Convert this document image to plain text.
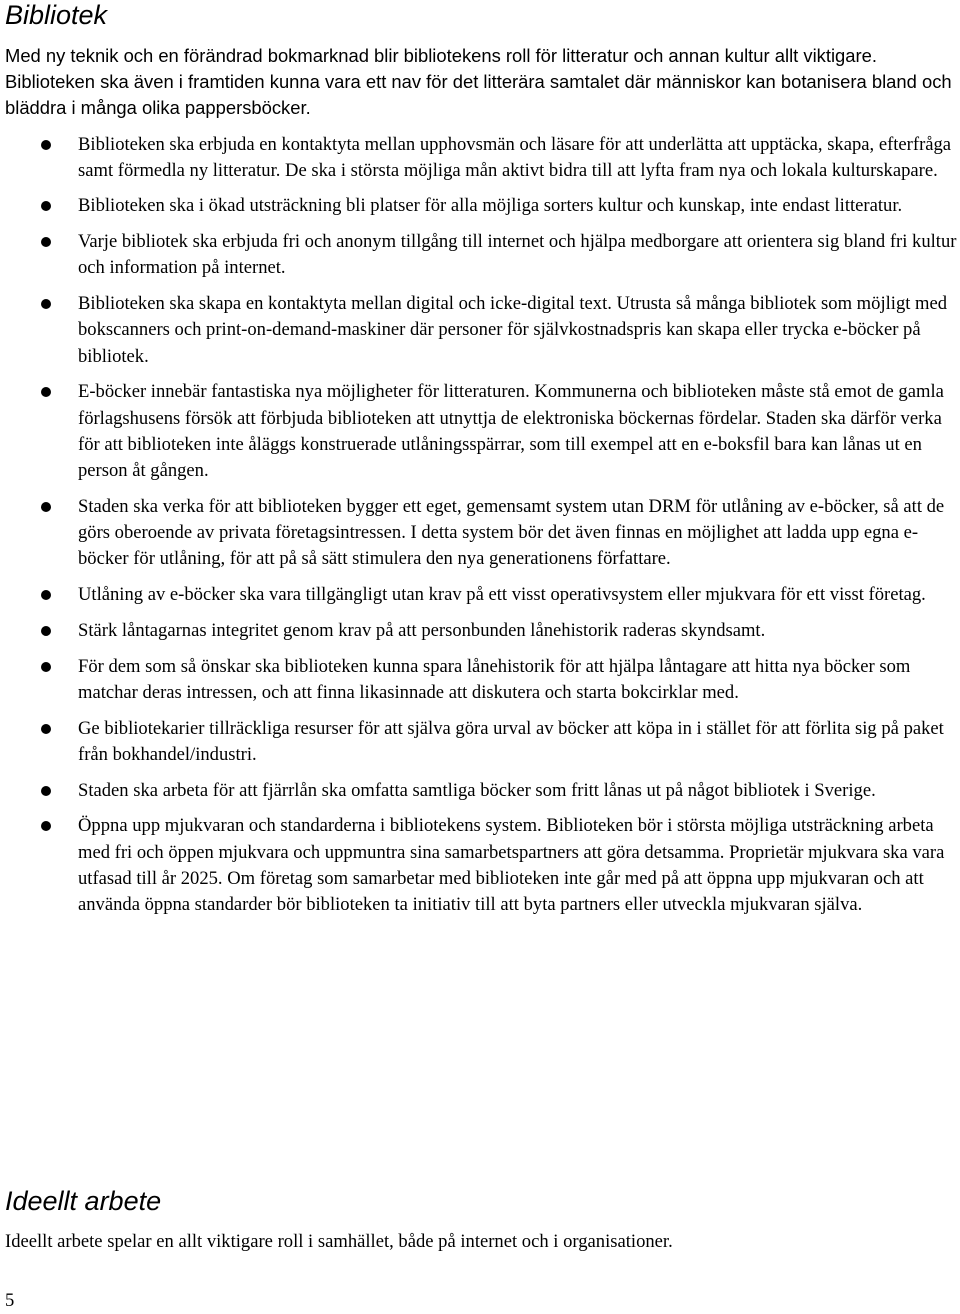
Bibliotek

Med ny teknik och en förändrad bokmarknad blir bibliotekens roll för litteratur och annan kultur allt viktigare. Biblioteken ska även i framtiden kunna vara ett nav för det litterära samtalet där människor kan botanisera bland och bläddra i många olika pappersböcker.

Biblioteken ska erbjuda en kontaktyta mellan upphovsmän och läsare för att underlätta att upptäcka, skapa, efterfråga samt förmedla ny litteratur. De ska i största möjliga mån aktivt bidra till att lyfta fram nya och lokala kulturskapare.
Biblioteken ska i ökad utsträckning bli platser för alla möjliga sorters kultur och kunskap, inte endast litteratur.
Varje bibliotek ska erbjuda fri och anonym tillgång till internet och hjälpa medborgare att orientera sig bland fri kultur och information på internet.
Biblioteken ska skapa en kontaktyta mellan digital och icke-digital text. Utrusta så många bibliotek som möjligt med bokscanners och print-on-demand-maskiner där personer för självkostnadspris kan skapa eller trycka e-böcker på bibliotek.
E-böcker innebär fantastiska nya möjligheter för litteraturen. Kommunerna och biblioteken måste stå emot de gamla förlagshusens försök att förbjuda biblioteken att utnyttja de elektroniska böckernas fördelar. Staden ska därför verka för att biblioteken inte åläggs konstruerade utlåningsspärrar, som till exempel att en e-boksfil bara kan lånas ut en person åt gången.
Staden ska verka för att biblioteken bygger ett eget, gemensamt system utan DRM för utlåning av e-böcker, så att de görs oberoende av privata företagsintressen. I detta system bör det även finnas en möjlighet att ladda upp egna e-böcker för utlåning, för att på så sätt stimulera den nya generationens författare.
Utlåning av e-böcker ska vara tillgängligt utan krav på ett visst operativsystem eller mjukvara för ett visst företag.
Stärk låntagarnas integritet genom krav på att personbunden lånehistorik raderas skyndsamt.
För dem som så önskar ska biblioteken kunna spara lånehistorik för att hjälpa låntagare att hitta nya böcker som matchar deras intressen, och att finna likasinnade att diskutera och starta bokcirklar med.
Ge bibliotekarier tillräckliga resurser för att själva göra urval av böcker att köpa in i stället för att förlita sig på paket från bokhandel/industri.
Staden ska arbeta för att fjärrlån ska omfatta samtliga böcker som fritt lånas ut på något bibliotek i Sverige.
Öppna upp mjukvaran och standarderna i bibliotekens system. Biblioteken bör i största möjliga utsträckning arbeta med fri och öppen mjukvara och uppmuntra sina samarbetspartners att göra detsamma. Proprietär mjukvara ska vara utfasad till år 2025. Om företag som samarbetar med biblioteken inte går med på att öppna upp mjukvaran och att använda öppna standarder bör biblioteken ta initiativ till att byta partners eller utveckla mjukvaran själva.
Ideellt arbete

Ideellt arbete spelar en allt viktigare roll i samhället, både på internet och i organisationer.

5
